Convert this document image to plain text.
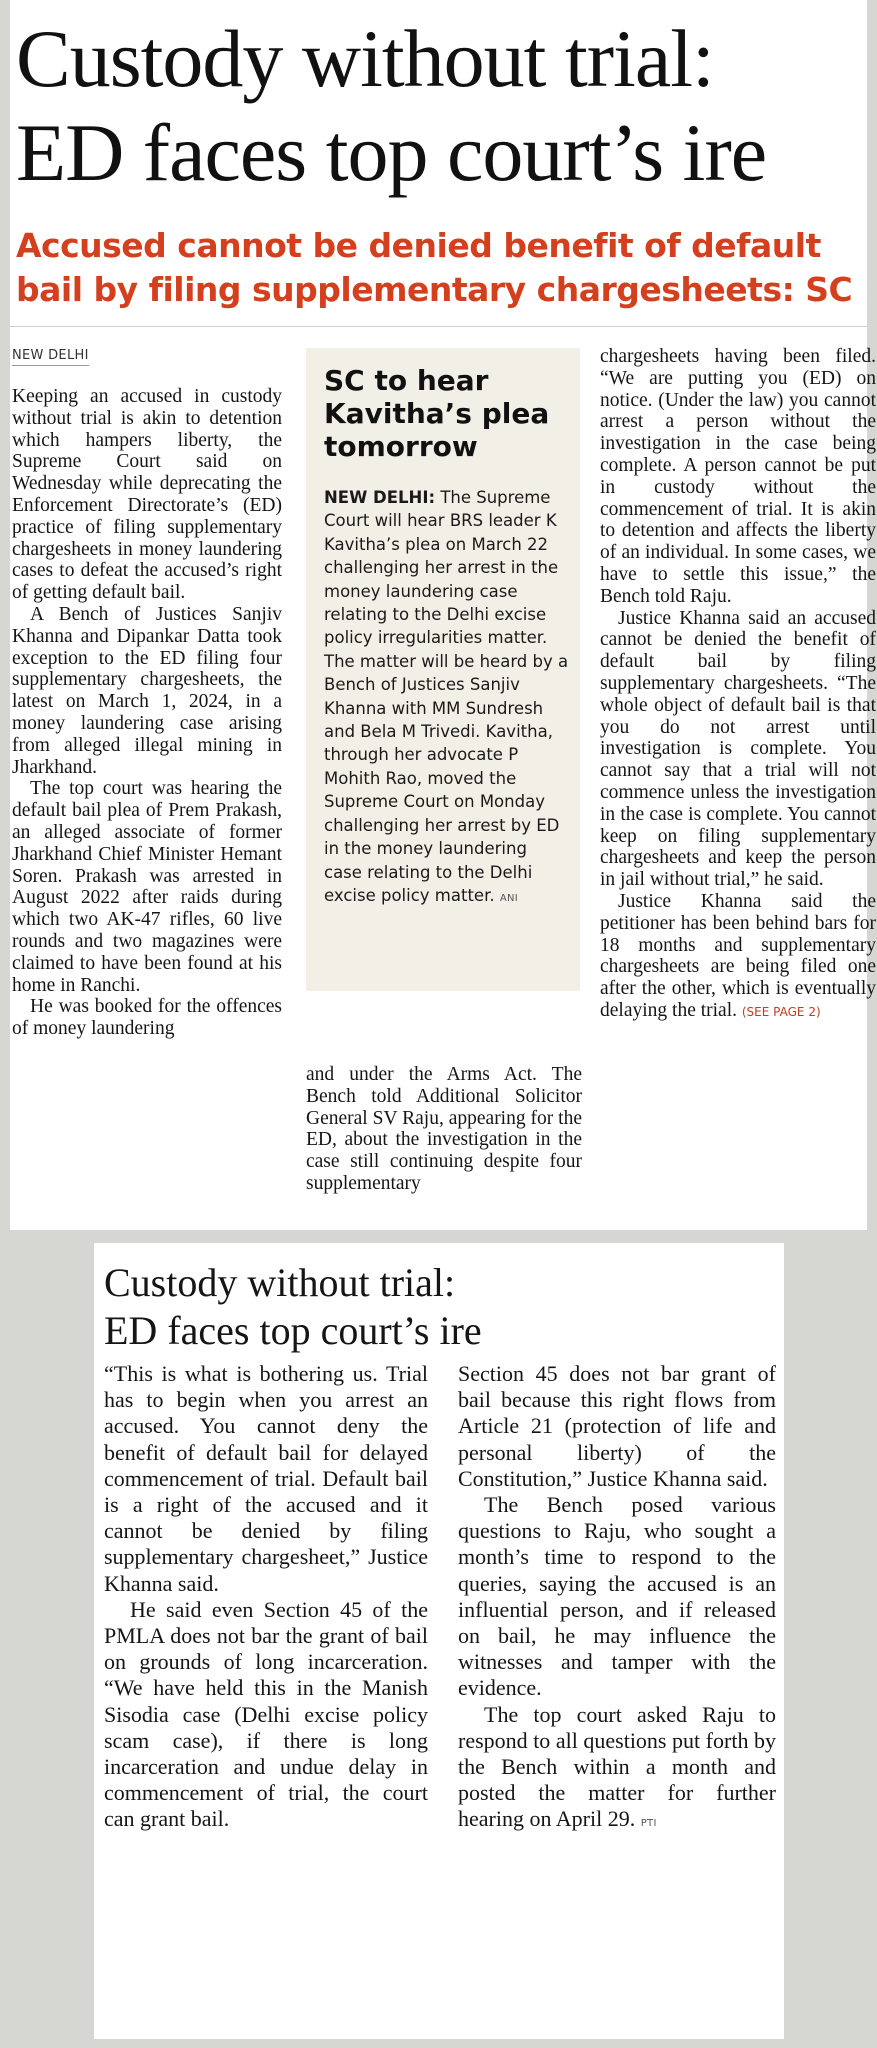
Custody without trial:
ED faces top court’s ire
Accused cannot be denied benefit of default
bail by filing supplementary chargesheets: SC
NEW DELHI

Keeping an accused in custody without trial is akin to detention which hampers liberty, the Supreme Court said on Wednesday while deprecating the Enforcement Directorate’s (ED) practice of filing supplementary chargesheets in money laundering cases to defeat the accused’s right of getting default bail.

A Bench of Justices Sanjiv Khanna and Dipankar Datta took exception to the ED filing four supplementary chargesheets, the latest on March 1, 2024, in a money laundering case arising from alleged illegal mining in Jharkhand.

The top court was hearing the default bail plea of Prem Prakash, an alleged associate of former Jharkhand Chief Minister Hemant Soren. Prakash was arrested in August 2022 after raids during which two AK-47 rifles, 60 live rounds and two magazines were claimed to have been found at his home in Ranchi.

He was booked for the offences of money laundering

SC to hear Kavitha’s plea tomorrow

NEW DELHI: The Supreme Court will hear BRS leader K Kavitha’s plea on March 22 challenging her arrest in the money laundering case relating to the Delhi excise policy irregularities matter. The matter will be heard by a Bench of Justices Sanjiv Khanna with MM Sundresh and Bela M Trivedi. Kavitha, through her advocate P Mohith Rao, moved the Supreme Court on Monday challenging her arrest by ED in the money laundering case relating to the Delhi excise policy matter. ANI

and under the Arms Act. The Bench told Additional Solicitor General SV Raju, appearing for the ED, about the investigation in the case still continuing despite four supplementary

chargesheets having been filed. “We are putting you (ED) on notice. (Under the law) you cannot arrest a person without the investigation in the case being complete. A person cannot be put in custody without the commencement of trial. It is akin to detention and affects the liberty of an individual. In some cases, we have to settle this issue,” the Bench told Raju.

Justice Khanna said an accused cannot be denied the benefit of default bail by filing supplementary chargesheets. “The whole object of default bail is that you do not arrest until investigation is complete. You cannot say that a trial will not commence unless the investigation in the case is complete. You cannot keep on filing supplementary chargesheets and keep the person in jail without trial,” he said.

Justice Khanna said the petitioner has been behind bars for 18 months and supplementary chargesheets are being filed one after the other, which is eventually delaying the trial. (SEE PAGE 2)

Custody without trial:
ED faces top court’s ire

“This is what is bothering us. Trial has to begin when you arrest an accused. You cannot deny the benefit of default bail for delayed commencement of trial. Default bail is a right of the accused and it cannot be denied by filing supplementary chargesheet,” Justice Khanna said.

He said even Section 45 of the PMLA does not bar the grant of bail on grounds of long incarceration. “We have held this in the Manish Sisodia case (Delhi excise policy scam case), if there is long incarceration and undue delay in commencement of trial, the court can grant bail.

Section 45 does not bar grant of bail because this right flows from Article 21 (protection of life and personal liberty) of the Constitution,” Justice Khanna said.

The Bench posed various questions to Raju, who sought a month’s time to respond to the queries, saying the accused is an influential person, and if released on bail, he may influence the witnesses and tamper with the evidence.

The top court asked Raju to respond to all questions put forth by the Bench within a month and posted the matter for further hearing on April 29. PTI
